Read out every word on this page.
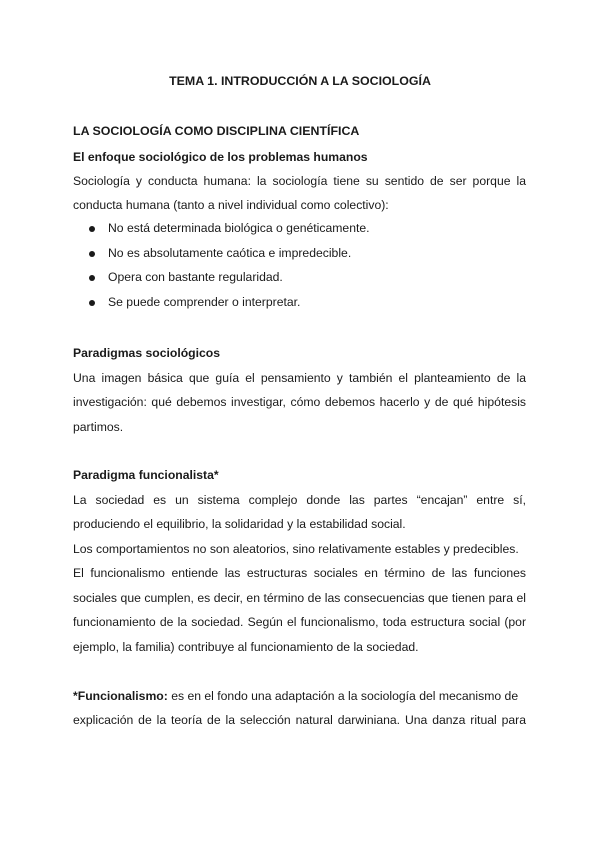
TEMA 1. INTRODUCCIÓN A LA SOCIOLOGÍA
LA SOCIOLOGÍA COMO DISCIPLINA CIENTÍFICA
El enfoque sociológico de los problemas humanos
Sociología y conducta humana: la sociología tiene su sentido de ser porque la
conducta humana (tanto a nivel individual como colectivo):
No está determinada biológica o genéticamente.
No es absolutamente caótica e impredecible.
Opera con bastante regularidad.
Se puede comprender o interpretar.
Paradigmas sociológicos
Una imagen básica que guía el pensamiento y también el planteamiento de la
investigación: qué debemos investigar, cómo debemos hacerlo y de qué hipótesis
partimos.
Paradigma funcionalista*
La sociedad es un sistema complejo donde las partes “encajan” entre sí,
produciendo el equilibrio, la solidaridad y la estabilidad social.
Los comportamientos no son aleatorios, sino relativamente estables y predecibles.
El funcionalismo entiende las estructuras sociales en término de las funciones
sociales que cumplen, es decir, en término de las consecuencias que tienen para el
funcionamiento de la sociedad. Según el funcionalismo, toda estructura social (por
ejemplo, la familia) contribuye al funcionamiento de la sociedad.
*Funcionalismo: es en el fondo una adaptación a la sociología del mecanismo de
explicación de la teoría de la selección natural darwiniana. Una danza ritual para
